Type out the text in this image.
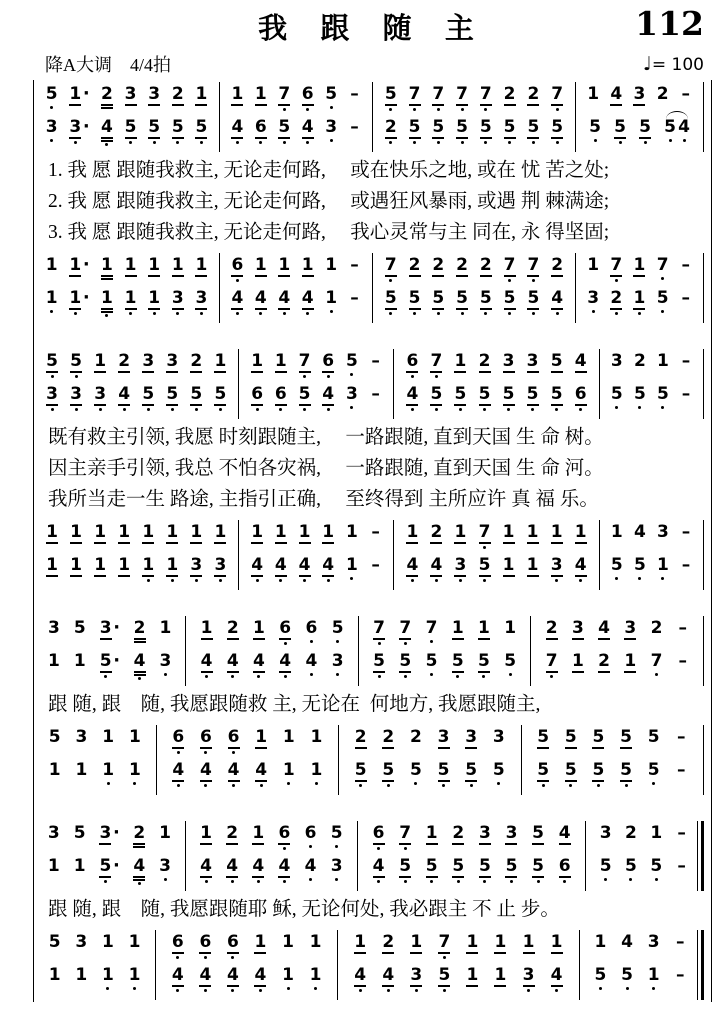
我 跟 随 主	112
降A大调 4/4拍	♩= 100
5 1 · 2 3 3 2 1
3 3 · 4 5 5 5 5
1 1 7 6 5 –
4 6 5 4 3 –
5 7 7 7 7 2 2 7
2 5 5 5 5 5 5 5
1 4 3 2 –
5 5 5 5 4
1. 我 愿 跟随我救主, 无论走何路,     或在快乐之地, 或在 忧 苦之处;
2. 我 愿 跟随我救主, 无论走何路,     或遇狂风暴雨, 或遇 荆 棘满途;
3. 我 愿 跟随我救主, 无论走何路,     我心灵常与主 同在, 永 得坚固;
1 1 · 1 1 1 1 1
1 1 · 1 1 1 3 3
6 1 1 1 1 –
4 4 4 4 1 –
7 2 2 2 2 7 7 2
5 5 5 5 5 5 5 4
1 7 1 7 –
3 2 1 5 –
5 5 1 2 3 3 2 1
3 3 3 4 5 5 5 5
1 1 7 6 5 –
6 6 5 4 3 –
6 7 1 2 3 3 5 4
4 5 5 5 5 5 5 6
3 2 1 –
5 5 5 –
既有救主引领, 我愿 时刻跟随主,     一路跟随, 直到天国 生 命 树。
因主亲手引领, 我总 不怕各灾祸,     一路跟随, 直到天国 生 命 河。
我所当走一生 路途, 主指引正确,     至终得到 主所应许 真 福 乐。
1 1 1 1 1 1 1 1
1 1 1 1 1 1 3 3
1 1 1 1 1 –
4 4 4 4 1 –
1 2 1 7 1 1 1 1
4 4 3 5 1 1 3 4
1 4 3 –
5 5 1 –
3 5 3 · 2 1
1 1 5 · 4 3
1 2 1 6 6 5
4 4 4 4 4 3
7 7 7 1 1 1
5 5 5 5 5 5
2 3 4 3 2 –
7 1 2 1 7 –
跟 随, 跟    随, 我愿跟随救 主, 无论在  何地方, 我愿跟随主,
5 3 1 1
1 1 1 1
6 6 6 1 1 1
4 4 4 4 1 1
2 2 2 3 3 3
5 5 5 5 5 5
5 5 5 5 5 –
5 5 5 5 5 –
3 5 3 · 2 1
1 1 5 · 4 3
1 2 1 6 6 5
4 4 4 4 4 3
6 7 1 2 3 3 5 4
4 5 5 5 5 5 5 6
3 2 1 –
5 5 5 –
跟 随, 跟    随, 我愿跟随耶 稣, 无论何处, 我必跟主 不 止 步。
5 3 1 1
1 1 1 1
6 6 6 1 1 1
4 4 4 4 1 1
1 2 1 7 1 1 1 1
4 4 3 5 1 1 3 4
1 4 3 –
5 5 1 –
